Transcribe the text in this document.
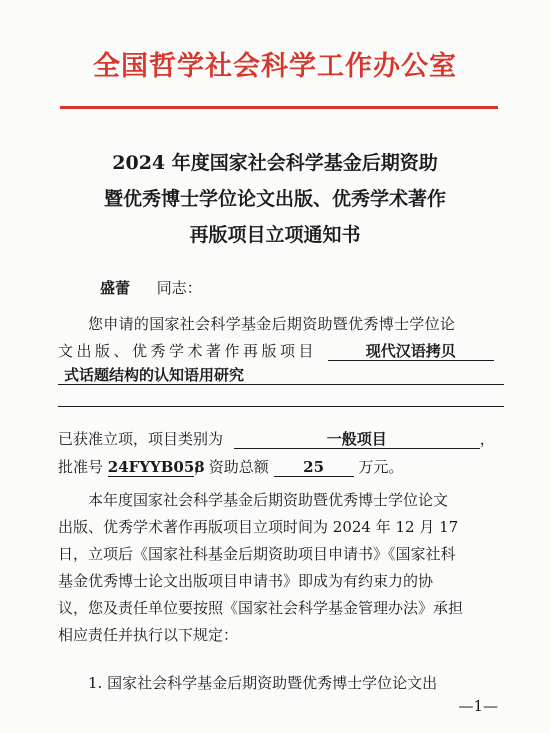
全国哲学社会科学工作办公室
2024 年度国家社会科学基金后期资助
暨优秀博士学位论文出版、优秀学术著作
再版项目立项通知书
盛蕾 同志：
您申请的国家社会科学基金后期资助暨优秀博士学位论
文出版、优秀学术著作再版项目	现代汉语拷贝
式话题结构的认知语用研究
已获准立项，项目类别为	一般项目	，
批准号 24FYYB058，资助总额 25 万元。
　　本年度国家社会科学基金后期资助暨优秀博士学位论文
出版、优秀学术著作再版项目立项时间为 2024 年 12 月 17
日，立项后《国家社科基金后期资助项目申请书》《国家社科
基金优秀博士论文出版项目申请书》即成为有约束力的协
议，您及责任单位要按照《国家社会科学基金管理办法》承担
相应责任并执行以下规定：
1. 国家社会科学基金后期资助暨优秀博士学位论文出
—1—
